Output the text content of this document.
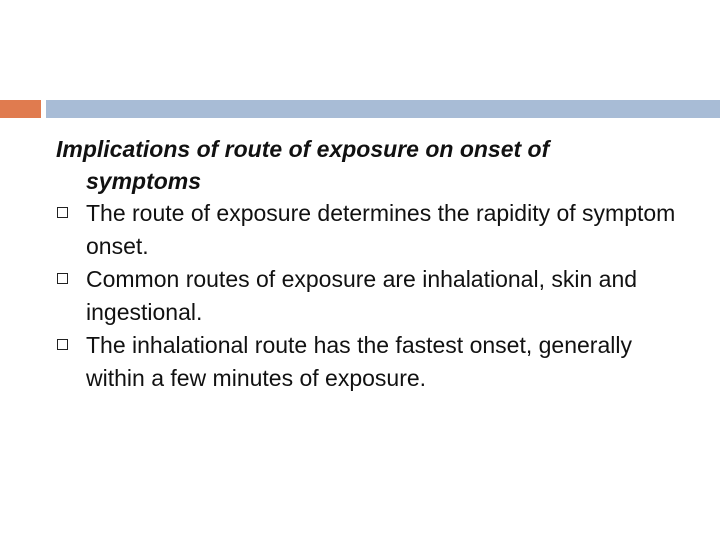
Implications of route of exposure on onset of
symptoms

The route of exposure determines the rapidity of symptom onset.
Common routes of exposure are inhalational, skin and ingestional.
The inhalational route has the fastest onset, generally within a few minutes of exposure.
